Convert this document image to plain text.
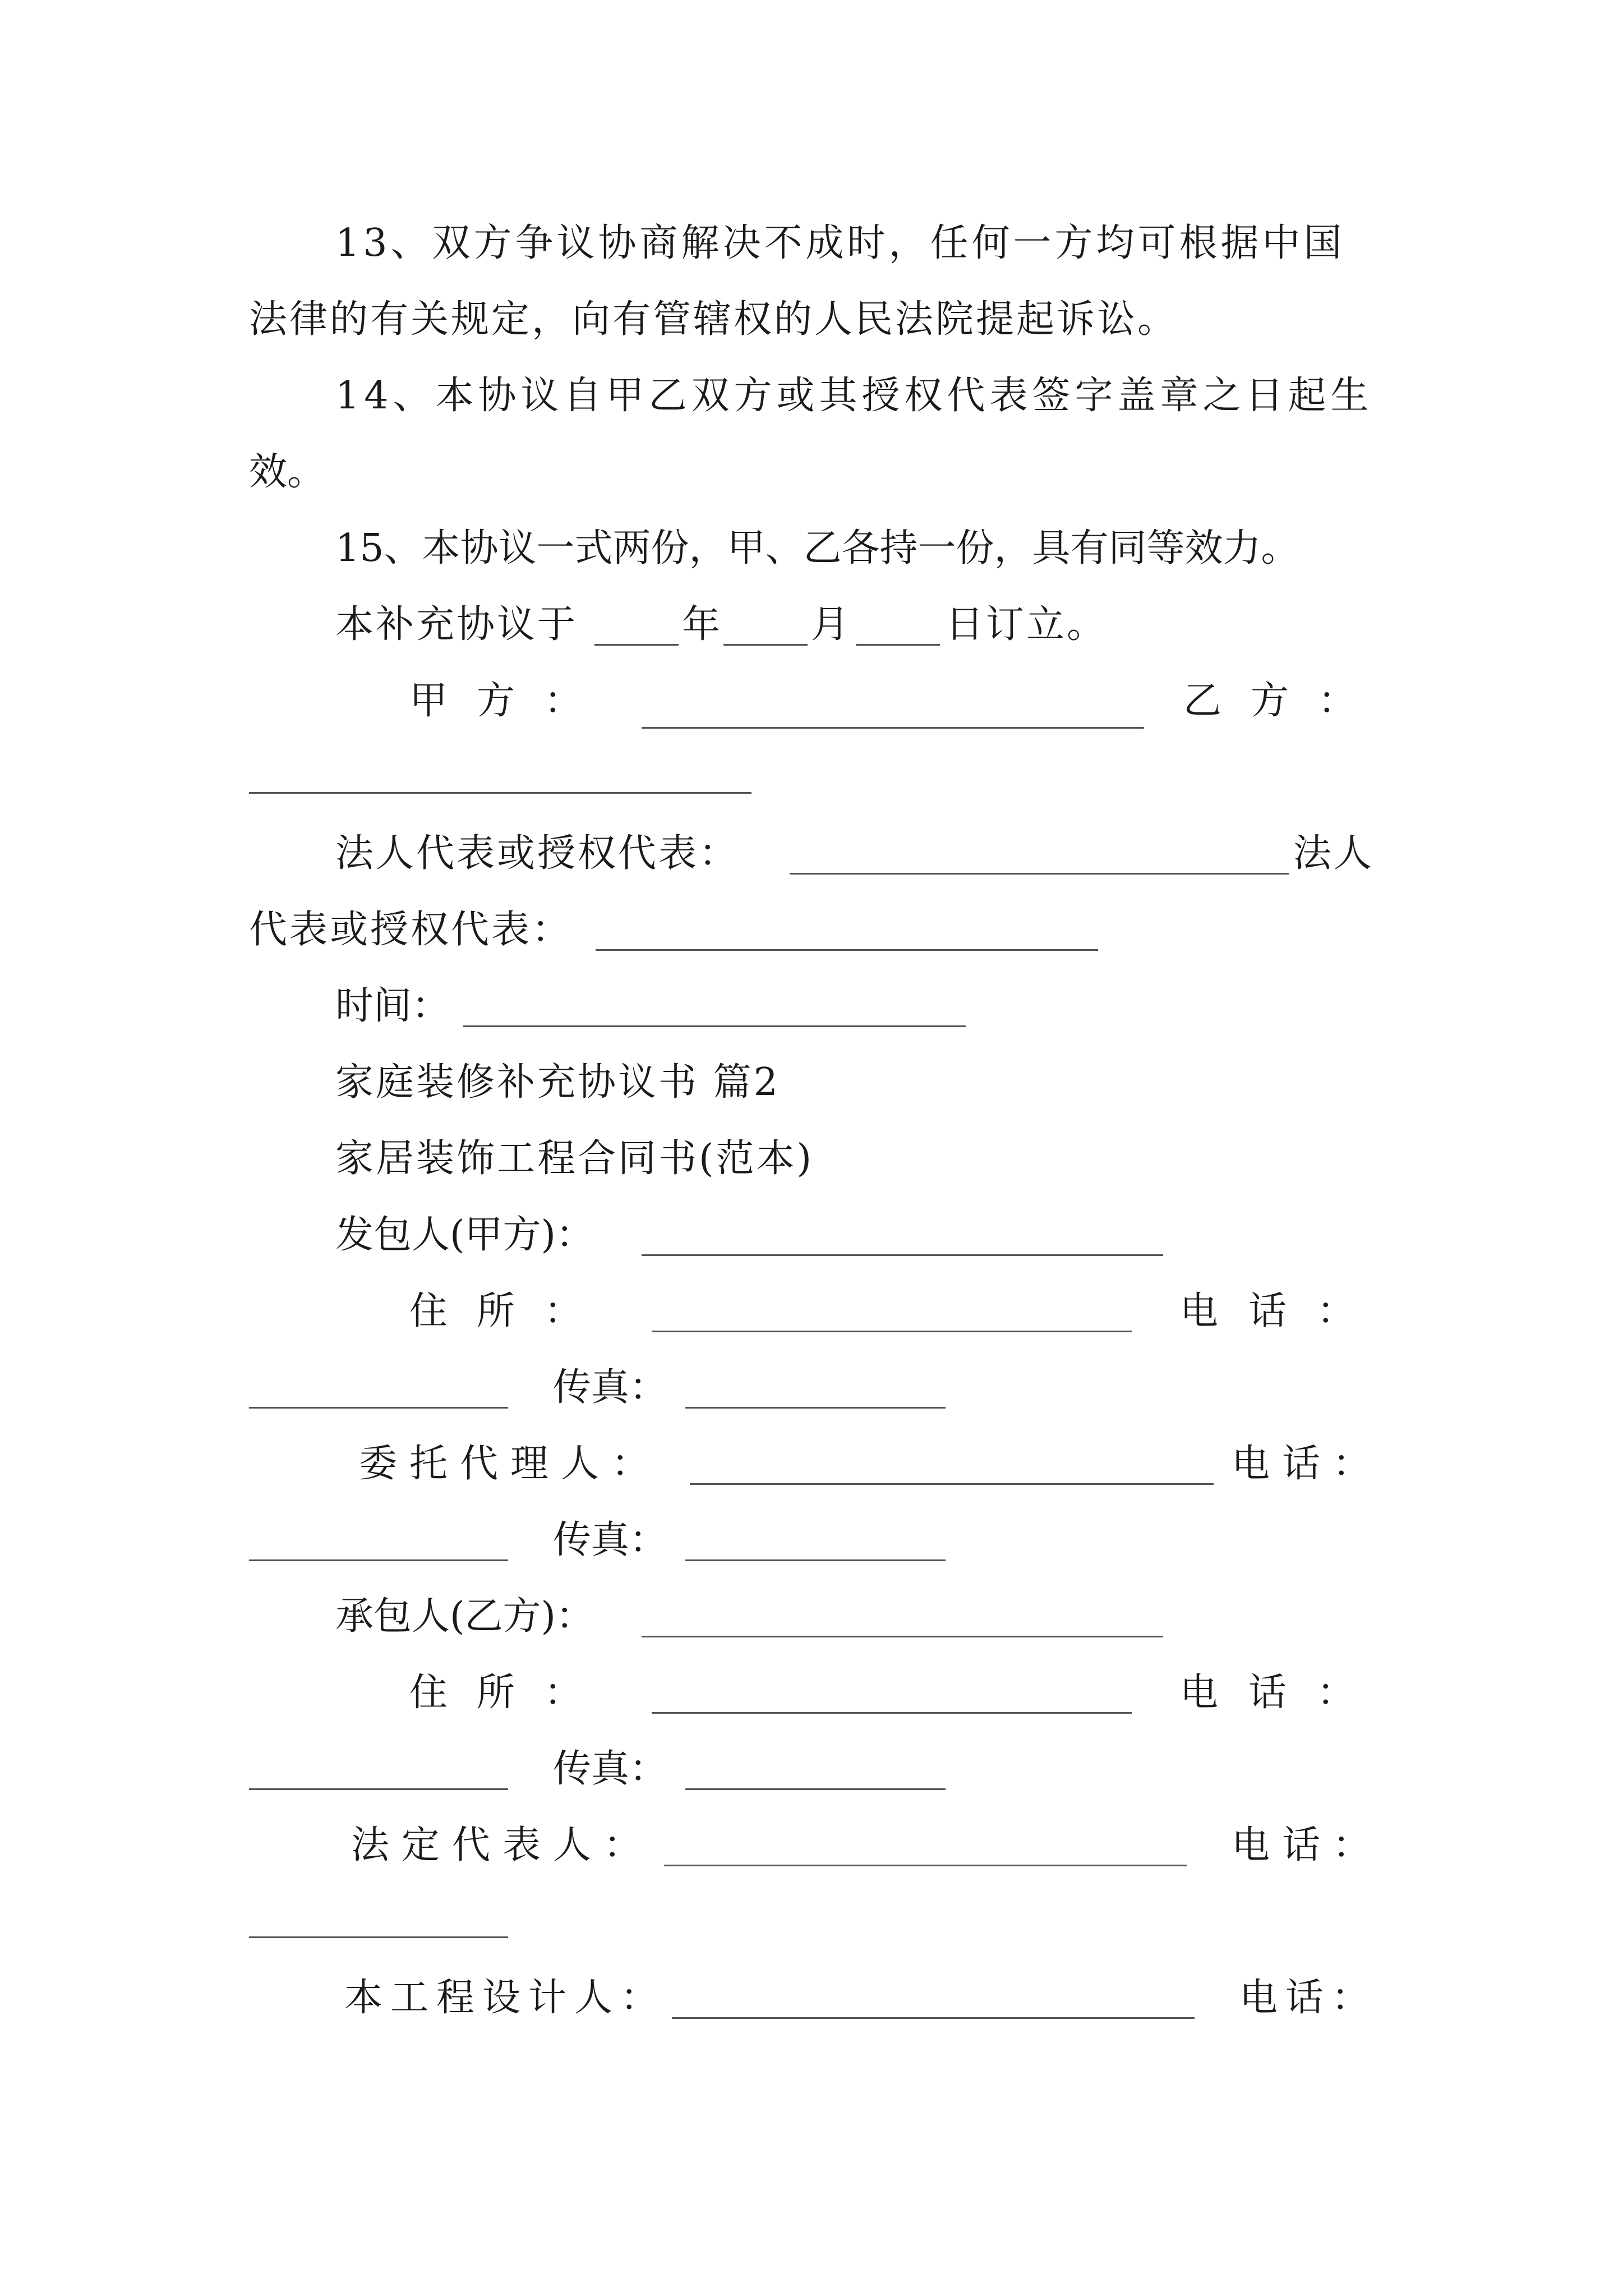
13、双方争议协商解决不成时，任何一方均可根据中国
法律的有关规定，向有管辖权的人民法院提起诉讼。
14、本协议自甲乙双方或其授权代表签字盖章之日起生
效。
15、本协议一式两份，甲、乙各持一份，具有同等效力。
本补充协议于	年 月	日订立。
甲方：	乙方：
法人代表或授权代表：	法人
代表或授权代表：
时间：
家庭装修补充协议书 篇2
家居装饰工程合同书(范本)
发包人(甲方)：
住所：	电话：
传真：
委托代理人：	电话：
传真：
承包人(乙方)：
住所：	电话：
传真：
法定代表人：	电话：
本工程设计人：	电话：
